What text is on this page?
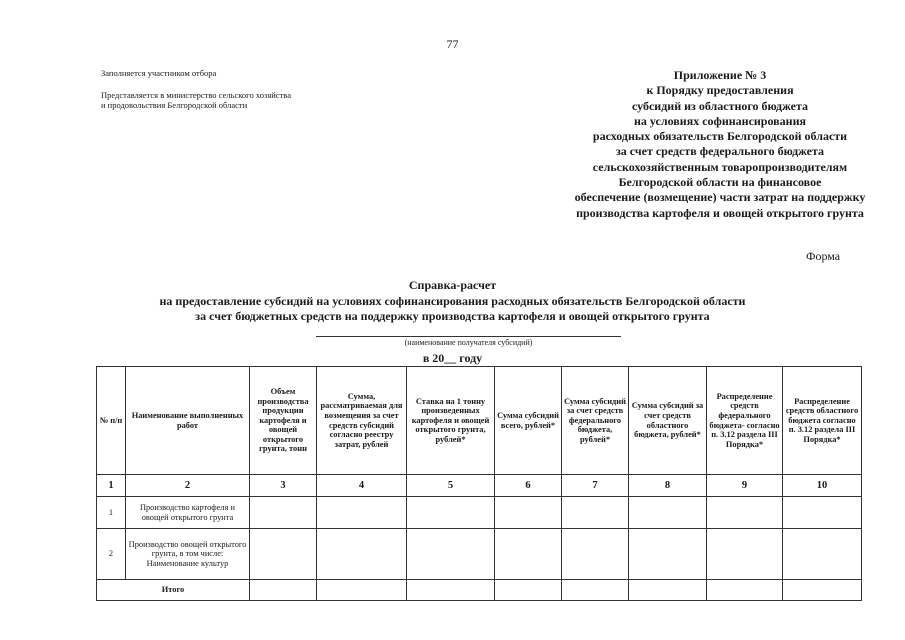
77
Заполняется участником отбора
Представляется в министерство сельского хозяйства
и продовольствия Белгородской области
Приложение № 3
к Порядку предоставления
субсидий из областного бюджета
на условиях софинансирования
расходных обязательств Белгородской области
за счет средств федерального бюджета
сельскохозяйственным товаропроизводителям
Белгородской области на финансовое
обеспечение (возмещение) части затрат на поддержку
производства картофеля и овощей открытого грунта
Форма
Справка-расчет
на предоставление субсидий на условиях софинансирования расходных обязательств Белгородской области
за счет бюджетных средств на поддержку производства картофеля и овощей открытого грунта
(наименование получателя субсидий)
в 20__ году
№ п/п	Наименование выполненных работ	Объем производства продукции картофеля и овощей открытого грунта, тонн	Сумма, рассматриваемая для возмещения за счет средств субсидий согласно реестру затрат, рублей	Ставка на 1 тонну произведенных картофеля и овощей открытого грунта, рублей*	Сумма субсидий всего, рублей*	Сумма субсидий за счет средств федерального бюджета, рублей*	Сумма субсидий за счет средств областного бюджета, рублей*	Распределение средств федерального бюджета- согласно п. 3.12 раздела III Порядка*	Распределение средств областного бюджета согласно п. 3.12 раздела III Порядка*
1	2	3	4	5	6	7	8	9	10
1	Производство картофеля и овощей открытого грунта								
2	Производство овощей открытого грунта, в том числе: Наименование культур								
Итого									
